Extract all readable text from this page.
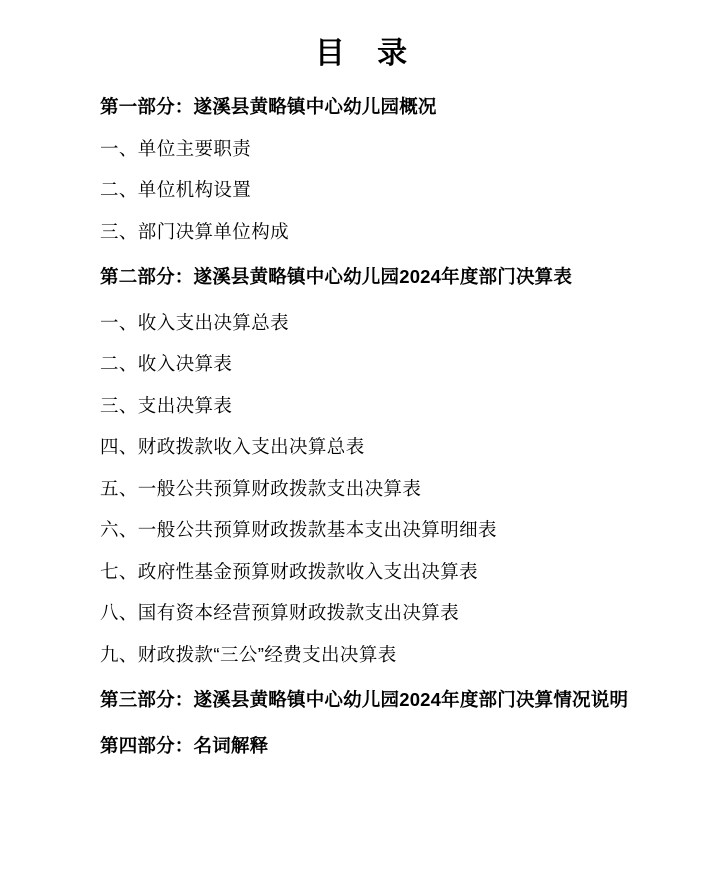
目 录
第一部分：遂溪县黄略镇中心幼儿园概况
一、单位主要职责
二、单位机构设置
三、部门决算单位构成
第二部分：遂溪县黄略镇中心幼儿园2024年度部门决算表
一、收入支出决算总表
二、收入决算表
三、支出决算表
四、财政拨款收入支出决算总表
五、一般公共预算财政拨款支出决算表
六、一般公共预算财政拨款基本支出决算明细表
七、政府性基金预算财政拨款收入支出决算表
八、国有资本经营预算财政拨款支出决算表
九、财政拨款“三公”经费支出决算表
第三部分：遂溪县黄略镇中心幼儿园2024年度部门决算情况说明
第四部分：名词解释
